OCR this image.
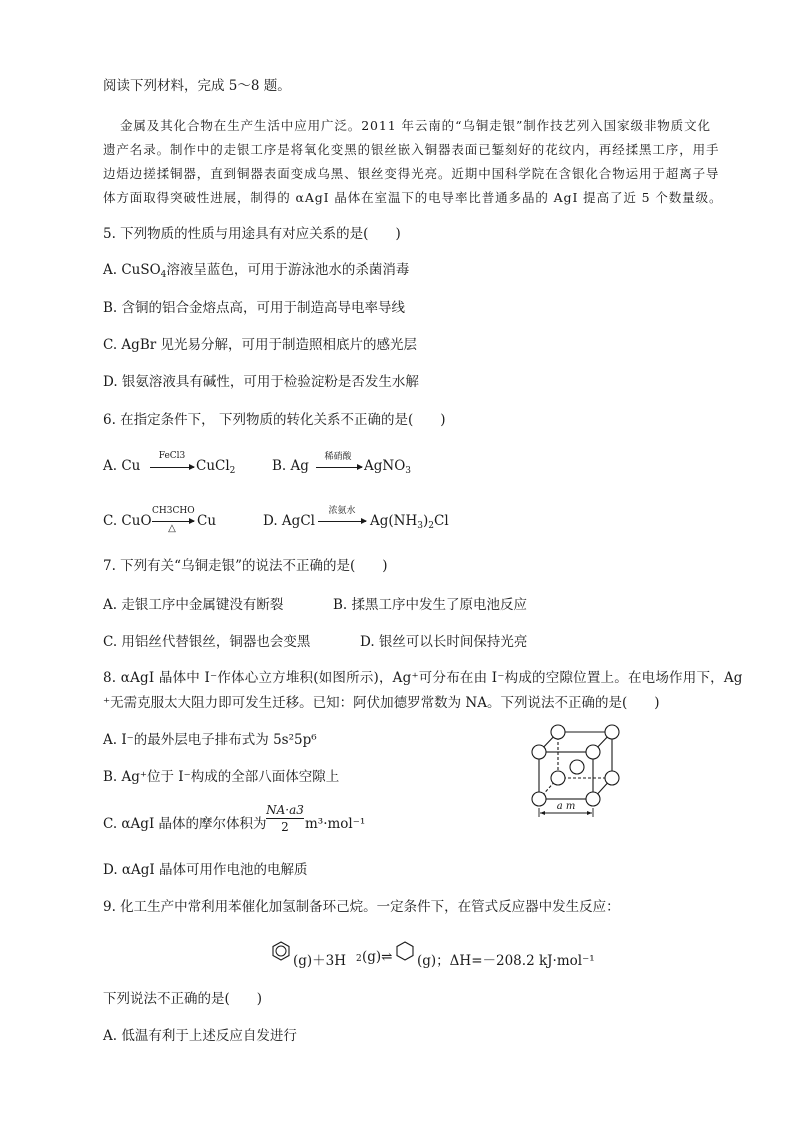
阅读下列材料，完成 5～8 题。
金属及其化合物在生产生活中应用广泛。2011 年云南的“乌铜走银”制作技艺列入国家级非物质文化
遗产名录。制作中的走银工序是将氧化变黑的银丝嵌入铜器表面已錾刻好的花纹内，再经揉黑工序，用手
边焐边搓揉铜器，直到铜器表面变成乌黑、银丝变得光亮。近期中国科学院在含银化合物运用于超离子导
体方面取得突破性进展，制得的 αAgI 晶体在室温下的电导率比普通多晶的 AgI 提高了近 5 个数量级。
5. 下列物质的性质与用途具有对应关系的是(　　)
A. CuSO$_4$溶液呈蓝色，可用于游泳池水的杀菌消毒
B. 含铜的铝合金熔点高，可用于制造高导电率导线
C. AgBr 见光易分解，可用于制造照相底片的感光层
D. 银氨溶液具有碱性，可用于检验淀粉是否发生水解
6. 在指定条件下， 下列物质的转化关系不正确的是(　　)
A. Cu
FeCl3
CuCl$_2$	B. Ag
稀硝酸
AgNO$_3$
C. CuO
CH3CHO
△	Cu	D. AgCl
浓氨水
$Ag(NH_3)_2Cl$
7. 下列有关“乌铜走银”的说法不正确的是(　　)
A. 走银工序中金属键没有断裂	B. 揉黑工序中发生了原电池反应
C. 用铝丝代替银丝，铜器也会变黑	D. 银丝可以长时间保持光亮
8. αAgI 晶体中 I⁻作体心立方堆积(如图所示)，Ag⁺可分布在由 I⁻构成的空隙位置上。在电场作用下，Ag
⁺无需克服太大阻力即可发生迁移。已知：阿伏加德罗常数为 NA。下列说法不正确的是(　　)
A. I⁻的最外层电子排布式为 5s²5p⁶
B. Ag⁺位于 I⁻构成的全部八面体空隙上
C. αAgI 晶体的摩尔体积为 $\frac{NA\cdot a3}{2} m^3\cdot mol^{-1}$
D. αAgI 晶体可用作电池的电解质
a m
9. 化工生产中常利用苯催化加氢制备环己烷。一定条件下，在管式反应器中发生反应：
(g)＋3H 2 (g)⇌ (g)；ΔH=－208.2 kJ·mol⁻¹
下列说法不正确的是(　　)
A. 低温有利于上述反应自发进行
